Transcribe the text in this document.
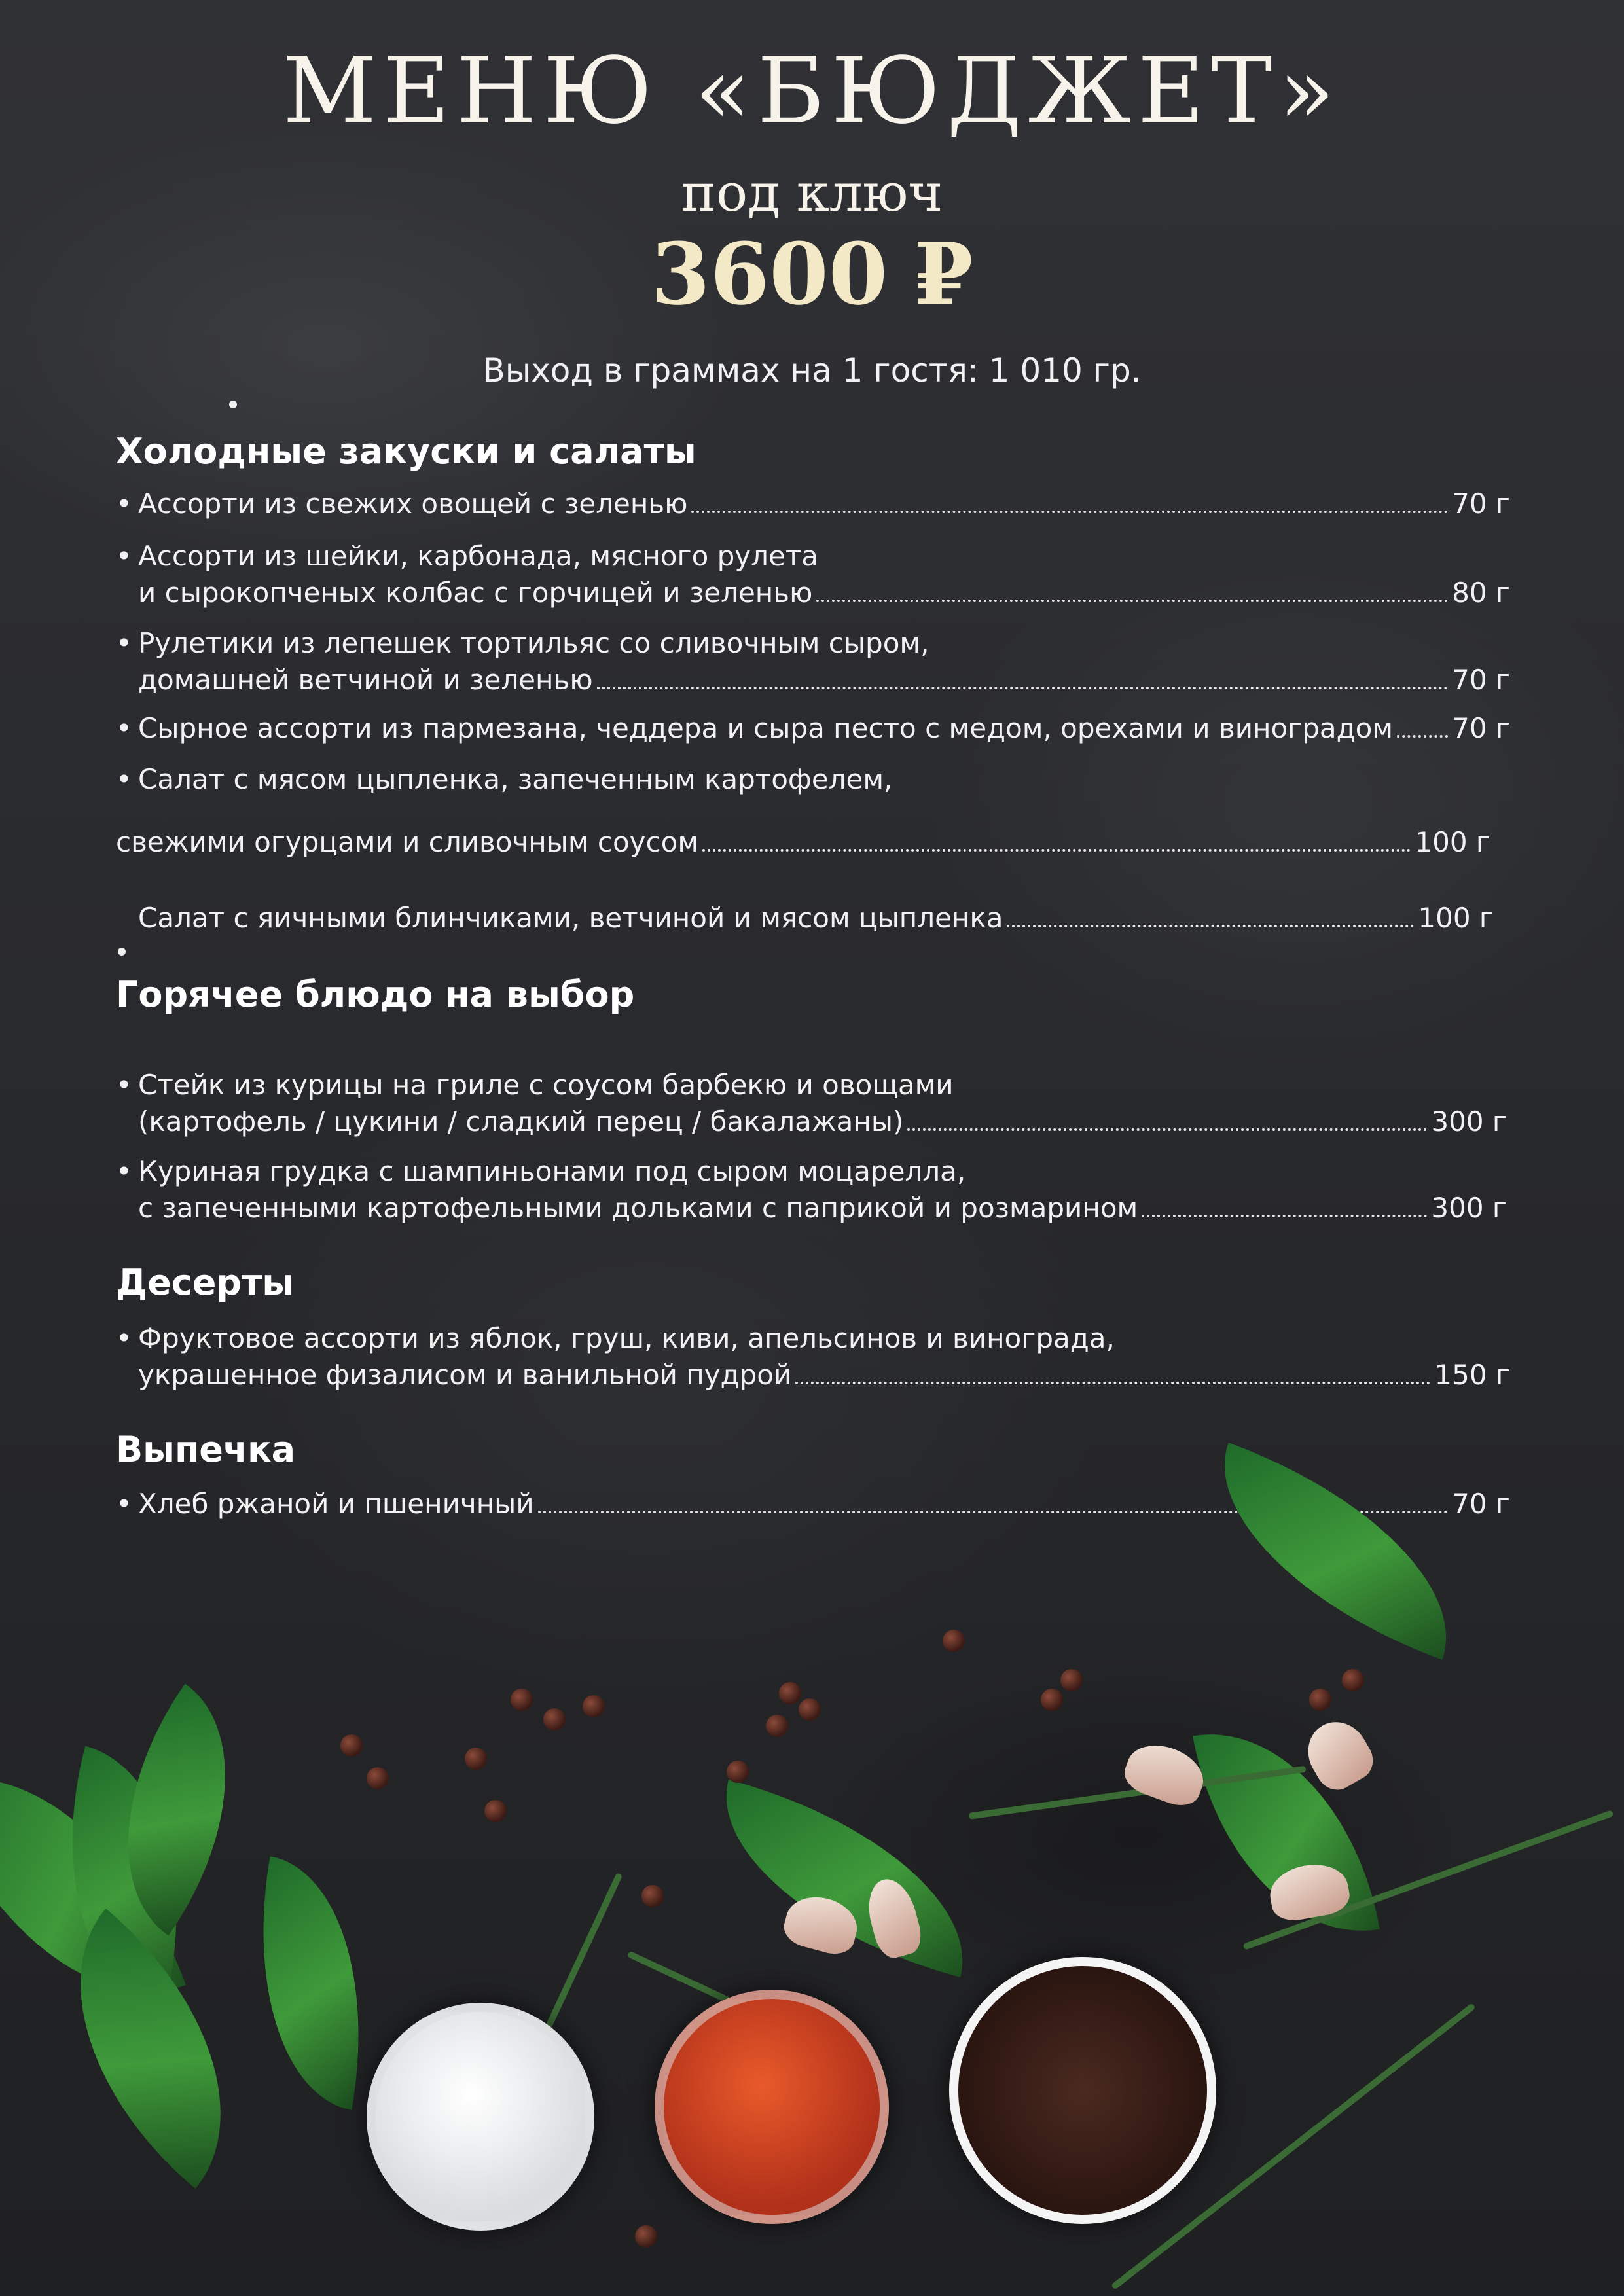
МЕНЮ «БЮДЖЕТ»
под ключ
3600 ₽
Выход в граммах на 1 гостя: 1 010 гр.
Холодные закуски и салаты
• Ассорти из свежих овощей с зеленью	70 г
• Ассорти из шейки, карбонада, мясного рулета
и сырокопченых колбас с горчицей и зеленью	80 г
• Рулетики из лепешек тортильяс со сливочным сыром,
домашней ветчиной и зеленью	70 г
• Сырное ассорти из пармезана, чеддера и сыра песто с медом, орехами и виноградом 70 г
• Салат с мясом цыпленка, запеченным картофелем,
свежими огурцами и сливочным соусом	100 г
Салат с яичными блинчиками, ветчиной и мясом цыпленка	100 г
Горячее блюдо на выбор
• Стейк из курицы на гриле с соусом барбекю и овощами
(картофель / цукини / сладкий перец / бакалажаны)	300 г
• Куриная грудка с шампиньонами под сыром моцарелла,
с запеченными картофельными дольками с паприкой и розмарином	300 г
Десерты
• Фруктовое ассорти из яблок, груш, киви, апельсинов и винограда,
украшенное физалисом и ванильной пудрой	150 г
Выпечка
• Хлеб ржаной и пшеничный	70 г
